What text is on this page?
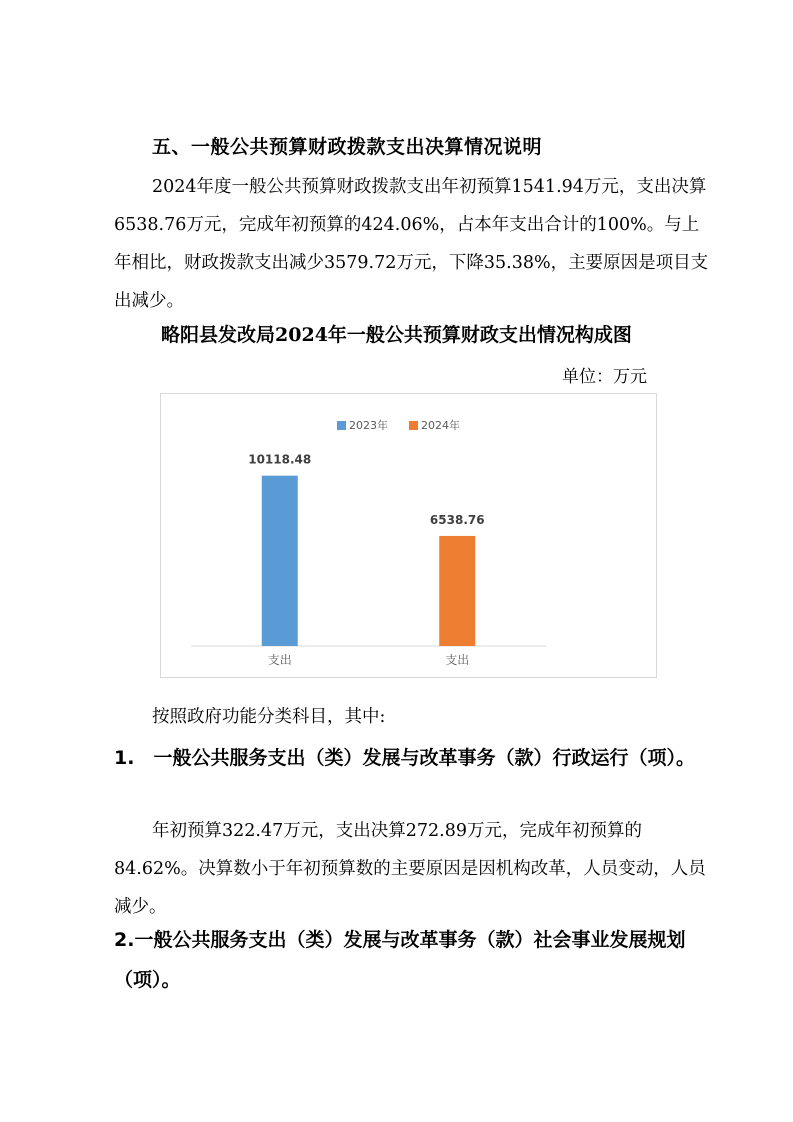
五、一般公共预算财政拨款支出决算情况说明

2024年度一般公共预算财政拨款支出年初预算1541.94万元，支出决算6538.76万元，完成年初预算的424.06%，占本年支出合计的100%。与上年相比，财政拨款支出减少3579.72万元，下降35.38%，主要原因是项目支出减少。

略阳县发改局2024年一般公共预算财政支出情况构成图
单位：万元
2023年	2024年
10118.48
支出
6538.76
支出
按照政府功能分类科目，其中:
1.　一般公共服务支出（类）发展与改革事务（款）行政运行（项）。

年初预算322.47万元，支出决算272.89万元，完成年初预算的84.62%。决算数小于年初预算数的主要原因是因机构改革，人员变动，人员减少。

2.一般公共服务支出（类）发展与改革事务（款）社会事业发展规划（项）。
